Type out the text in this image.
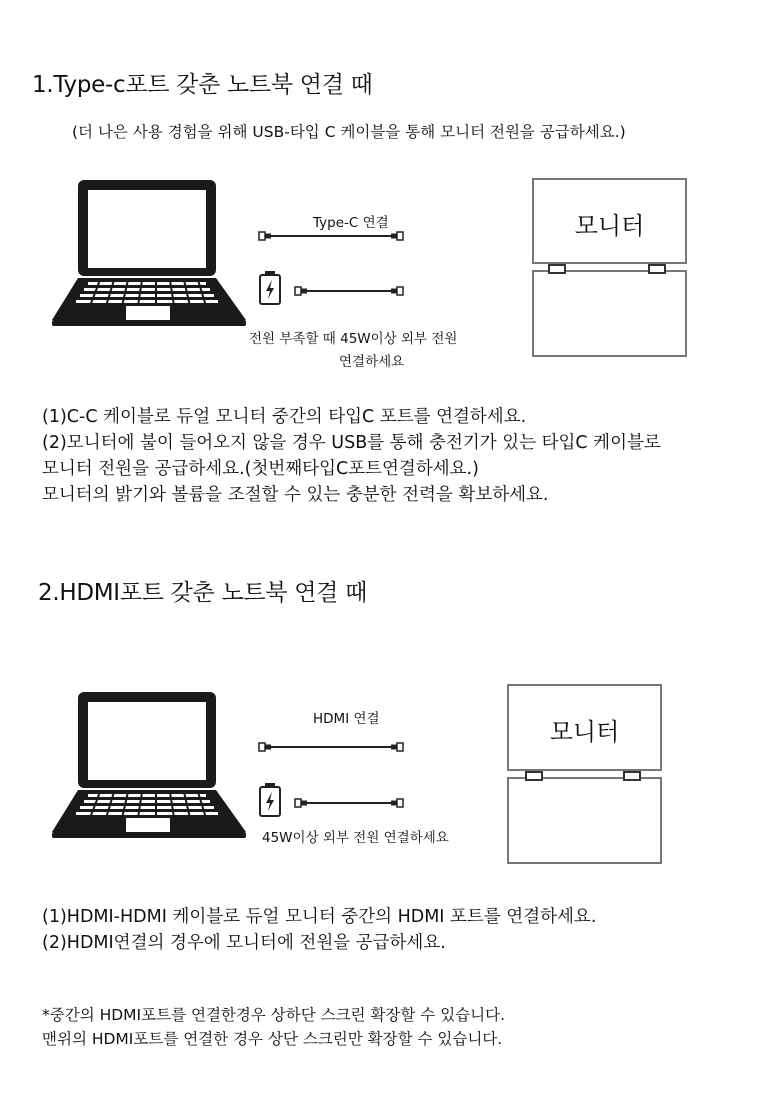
1.Type-c포트 갖춘 노트북 연결 때
(더 나은 사용 경험을 위해 USB-타입 C 케이블을 통해 모니터 전원을 공급하세요.)
Type-C 연결
전원 부족할 때 45W이상 외부 전원
연결하세요
모니터
(1)C-C 케이블로 듀얼 모니터 중간의 타입C 포트를 연결하세요.
(2)모니터에 불이 들어오지 않을 경우 USB를 통해 충전기가 있는 타입C 케이블로
모니터 전원을 공급하세요.(첫번째타입C포트연결하세요.)
모니터의 밝기와 볼륨을 조절할 수 있는 충분한 전력을 확보하세요.
2.HDMI포트 갖춘 노트북 연결 때
HDMI 연결
45W이상 외부 전원 연결하세요
모니터
(1)HDMI-HDMI 케이블로 듀얼 모니터 중간의 HDMI 포트를 연결하세요.
(2)HDMI연결의 경우에 모니터에 전원을 공급하세요.
*중간의 HDMI포트를 연결한경우 상하단 스크린 확장할 수 있습니다.
맨위의 HDMI포트를 연결한 경우 상단 스크린만 확장할 수 있습니다.
